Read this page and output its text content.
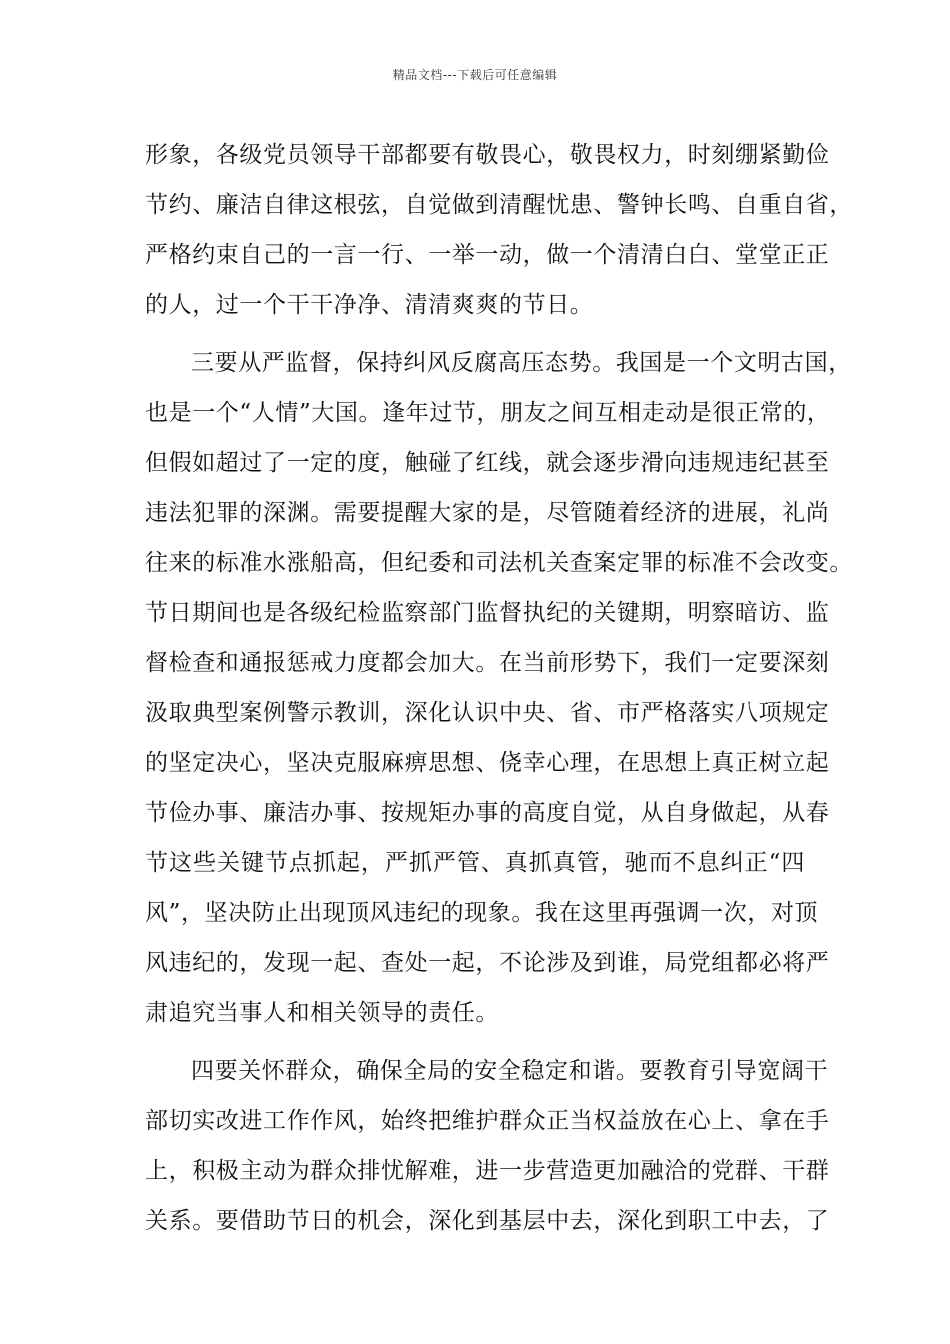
精品文档---下载后可任意编辑
形象，各级党员领导干部都要有敬畏心，敬畏权力，时刻绷紧勤俭
节约、廉洁自律这根弦，自觉做到清醒忧患、警钟长鸣、自重自省，
严格约束自己的一言一行、一举一动，做一个清清白白、堂堂正正
的人，过一个干干净净、清清爽爽的节日。
三要从严监督，保持纠风反腐高压态势。我国是一个文明古国，
也是一个“人情”大国。逢年过节，朋友之间互相走动是很正常的，
但假如超过了一定的度，触碰了红线，就会逐步滑向违规违纪甚至
违法犯罪的深渊。需要提醒大家的是，尽管随着经济的进展，礼尚
往来的标准水涨船高，但纪委和司法机关查案定罪的标准不会改变。
节日期间也是各级纪检监察部门监督执纪的关键期，明察暗访、监
督检查和通报惩戒力度都会加大。在当前形势下，我们一定要深刻
汲取典型案例警示教训，深化认识中央、省、市严格落实八项规定
的坚定决心，坚决克服麻痹思想、侥幸心理，在思想上真正树立起
节俭办事、廉洁办事、按规矩办事的高度自觉，从自身做起，从春
节这些关键节点抓起，严抓严管、真抓真管，驰而不息纠正“四
风”，坚决防止出现顶风违纪的现象。我在这里再强调一次，对顶
风违纪的，发现一起、查处一起，不论涉及到谁，局党组都必将严
肃追究当事人和相关领导的责任。
四要关怀群众，确保全局的安全稳定和谐。要教育引导宽阔干
部切实改进工作作风，始终把维护群众正当权益放在心上、拿在手
上，积极主动为群众排忧解难，进一步营造更加融洽的党群、干群
关系。要借助节日的机会，深化到基层中去，深化到职工中去，了
